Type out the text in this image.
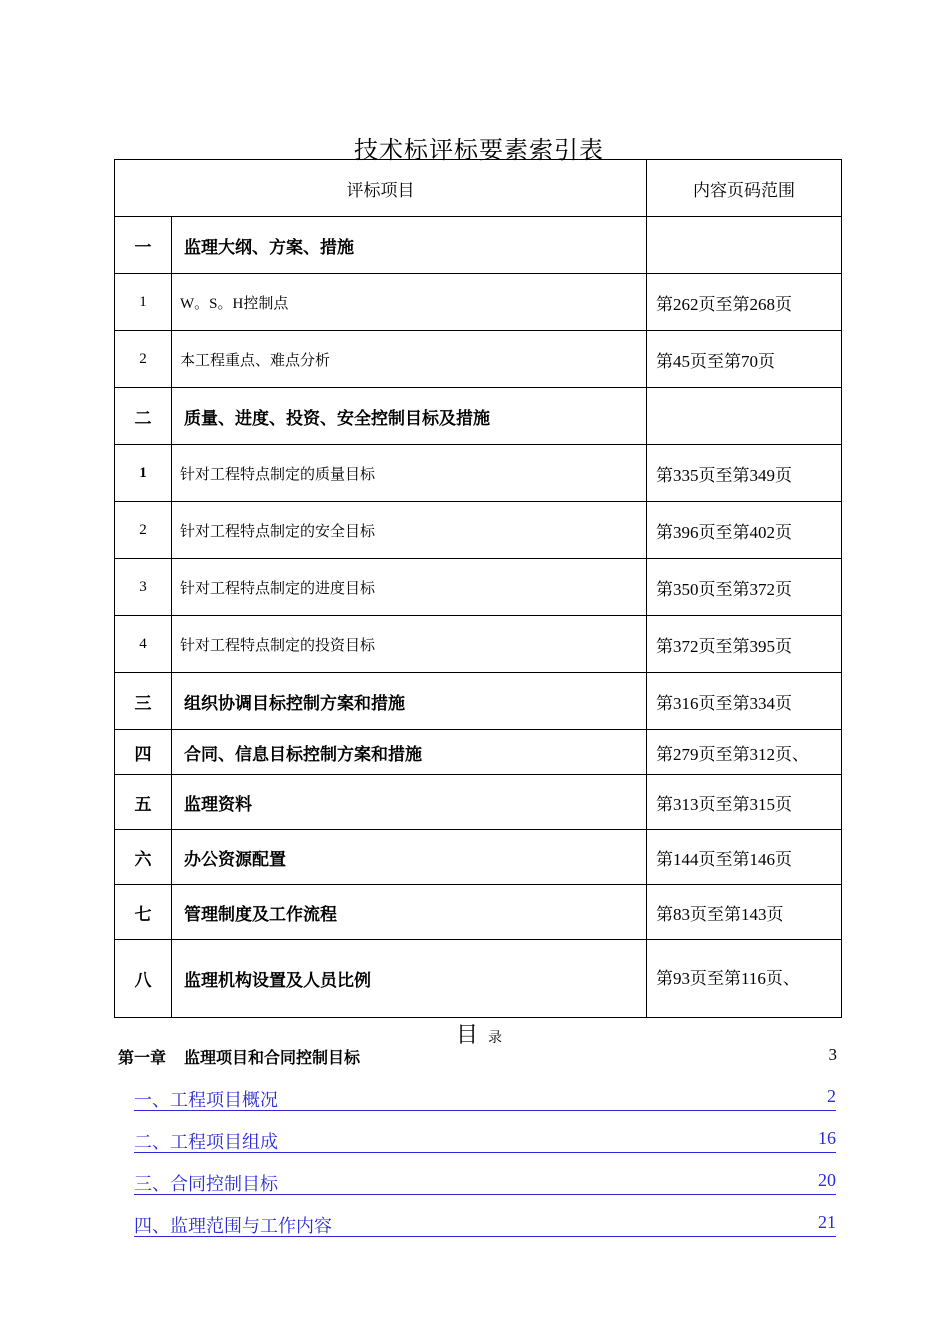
技术标评标要素索引表
评标项目		内容页码范围
一	监理大纲、方案、措施	
1	W。S。H控制点	第262页至第268页
2	本工程重点、难点分析	第45页至第70页
二	质量、进度、投资、安全控制目标及措施	
1	针对工程特点制定的质量目标	第335页至第349页
2	针对工程特点制定的安全目标	第396页至第402页
3	针对工程特点制定的进度目标	第350页至第372页
4	针对工程特点制定的投资目标	第372页至第395页
三	组织协调目标控制方案和措施	第316页至第334页
四	合同、信息目标控制方案和措施	第279页至第312页、
五	监理资料	第313页至第315页
六	办公资源配置	第144页至第146页
七	管理制度及工作流程	第83页至第143页
八	监理机构设置及人员比例	第93页至第116页、
目录
第一章 监理项目和合同控制目标	3
一、工程项目概况	2
二、工程项目组成	16
三、合同控制目标	20
四、监理范围与工作内容	21
